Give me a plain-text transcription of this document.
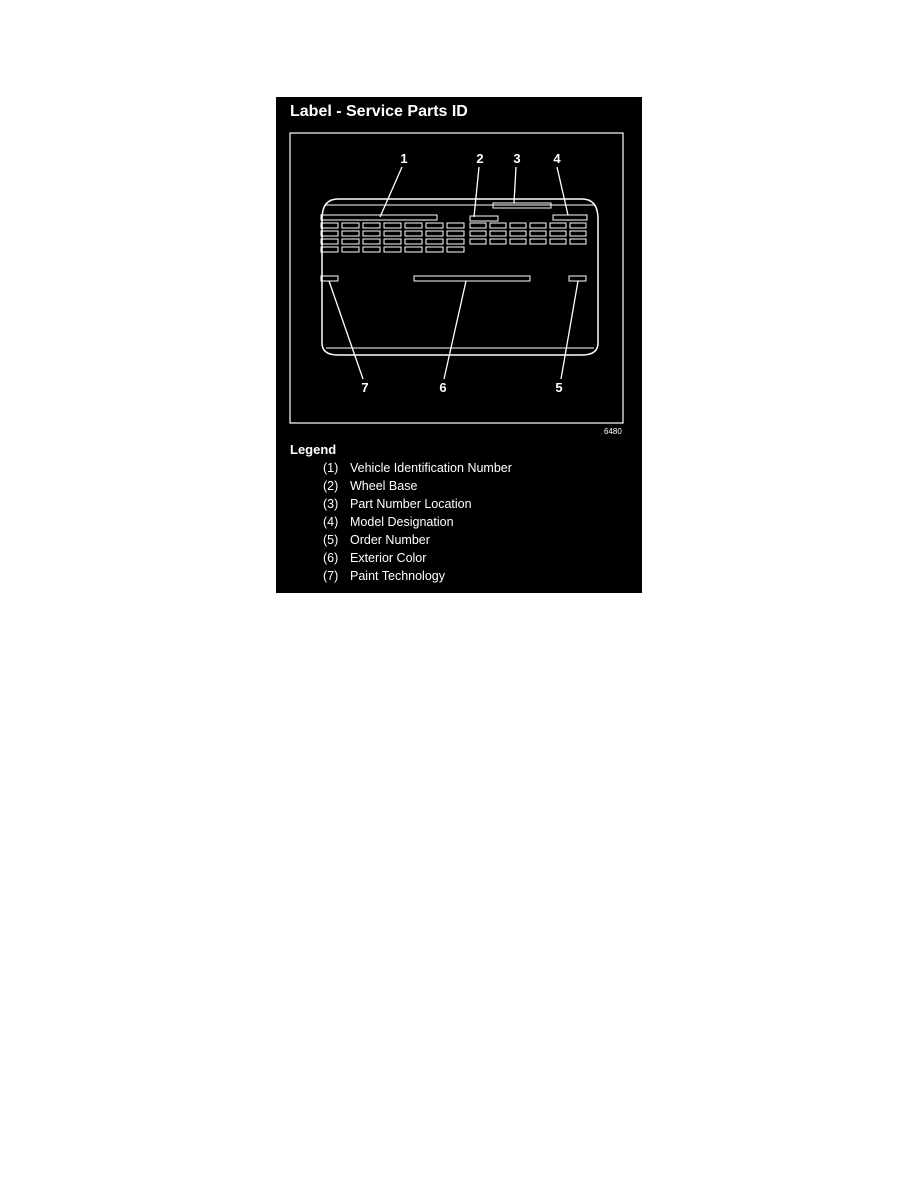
Label - Service Parts ID
1	2 3	4
7	6	5
6480
Legend
(1) Vehicle Identification Number
(2) Wheel Base
(3) Part Number Location
(4) Model Designation
(5) Order Number
(6) Exterior Color
(7) Paint Technology
